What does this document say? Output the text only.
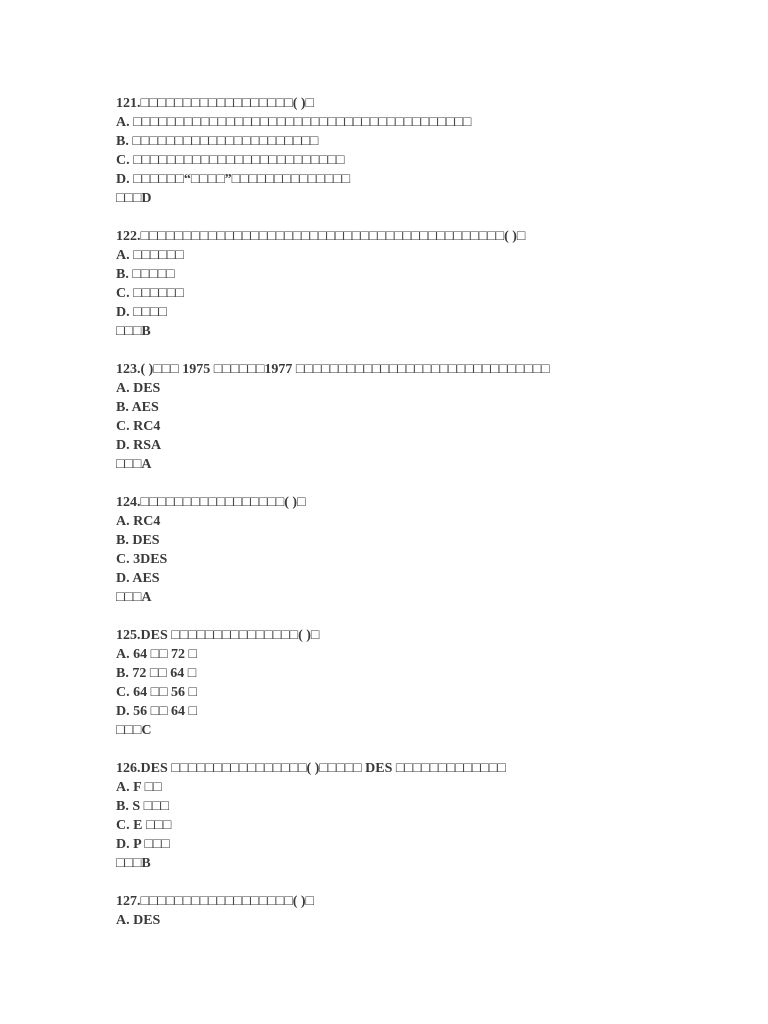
121.□□□□□□□□□□□□□□□□□□( )□
A. □□□□□□□□□□□□□□□□□□□□□□□□□□□□□□□□□□□□□□□□
B. □□□□□□□□□□□□□□□□□□□□□□
C. □□□□□□□□□□□□□□□□□□□□□□□□□
D. □□□□□□“□□□□”□□□□□□□□□□□□□□
□□□D
122.□□□□□□□□□□□□□□□□□□□□□□□□□□□□□□□□□□□□□□□□□□□( )□
A. □□□□□□
B. □□□□□
C. □□□□□□
D. □□□□
□□□B
123.( )□□□ 1975 □□□□□□1977 □□□□□□□□□□□□□□□□□□□□□□□□□□□□□□
A. DES
B. AES
C. RC4
D. RSA
□□□A
124.□□□□□□□□□□□□□□□□□( )□
A. RC4
B. DES
C. 3DES
D. AES
□□□A
125.DES □□□□□□□□□□□□□□□( )□
A. 64 □□ 72 □
B. 72 □□ 64 □
C. 64 □□ 56 □
D. 56 □□ 64 □
□□□C
126.DES □□□□□□□□□□□□□□□□( )□□□□□ DES □□□□□□□□□□□□□
A. F □□
B. S □□□
C. E □□□
D. P □□□
□□□B
127.□□□□□□□□□□□□□□□□□□( )□
A. DES
